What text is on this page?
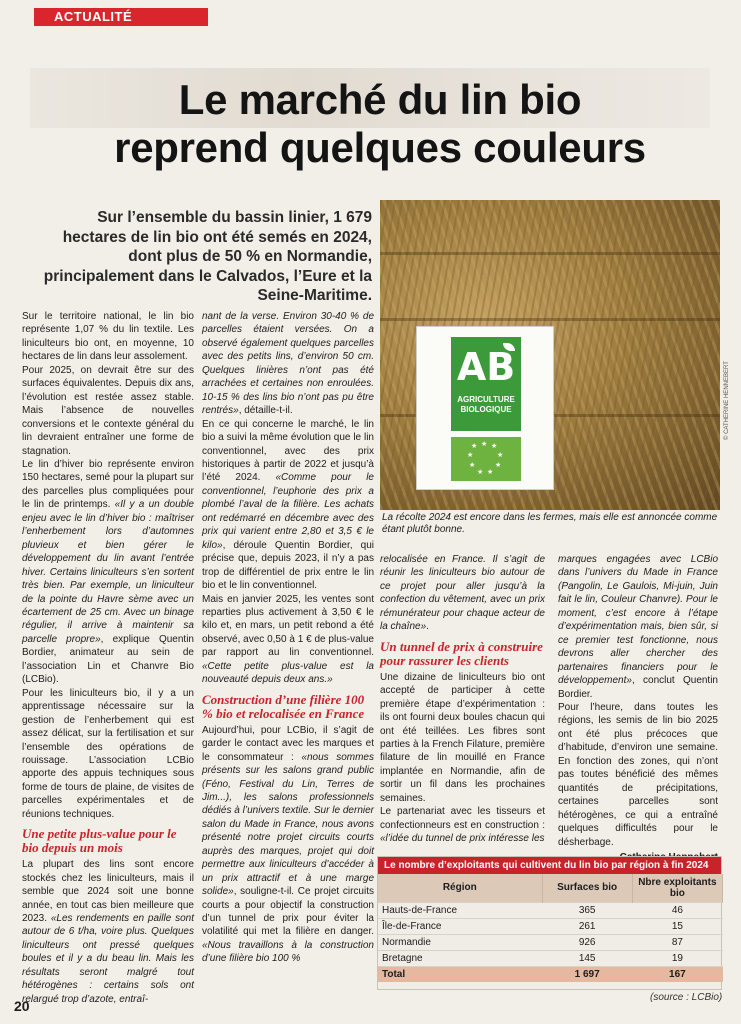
ACTUALITÉ
Le marché du lin bio
reprend quelques couleurs
Sur l’ensemble du bassin linier, 1 679 hectares de lin bio ont été semés en 2024, dont plus de 50 % en Normandie, principalement dans le Calvados, l’Eure et la Seine-Maritime.
AB
AGRICULTURE
BIOLOGIQUE
★ ★ ★
★	★
★	★
★ ★
© CATHERINE HENNEBERT
La récolte 2024 est encore dans les fermes, mais elle est annoncée comme étant plutôt bonne.

Sur le territoire national, le lin bio représente 1,07 % du lin textile. Les liniculteurs bio ont, en moyenne, 10 hectares de lin dans leur assolement.

Pour 2025, on devrait être sur des surfaces équivalentes. Depuis dix ans, l’évolution est restée assez stable. Mais l’absence de nouvelles conversions et le contexte général du lin devraient entraîner une forme de stagnation.

Le lin d’hiver bio représente environ 150 hectares, semé pour la plupart sur des parcelles plus compliquées pour le lin de printemps. «Il y a un double enjeu avec le lin d’hiver bio : maîtriser l’enherbement lors d’automnes pluvieux et bien gérer le développement du lin avant l’entrée hiver. Certains liniculteurs s’en sortent très bien. Par exemple, un liniculteur de la pointe du Havre sème avec un écartement de 25 cm. Avec un binage régulier, il arrive à maintenir sa parcelle propre», explique Quentin Bordier, animateur au sein de l’association Lin et Chanvre Bio (LCBio).

Pour les liniculteurs bio, il y a un apprentissage nécessaire sur la gestion de l’enherbement qui est assez délicat, sur la fertilisation et sur l’ensemble des opérations de rouissage. L’association LCBio apporte des appuis techniques sous forme de tours de plaine, de visites de parcelles expérimentales et de réunions techniques.

Une petite plus-value pour le bio depuis un mois

La plupart des lins sont encore stockés chez les liniculteurs, mais il semble que 2024 soit une bonne année, en tout cas bien meilleure que 2023. «Les rendements en paille sont autour de 6 t/ha, voire plus. Quelques liniculteurs ont pressé quelques boules et il y a du beau lin. Mais les résultats seront malgré tout hétérogènes : certains sols ont relargué trop d’azote, entraî-

nant de la verse. Environ 30-40 % de parcelles étaient versées. On a observé également quelques parcelles avec des petits lins, d’environ 50 cm. Quelques linières n’ont pas été arrachées et certaines non enroulées. 10-15 % des lins bio n’ont pas pu être rentrés», détaille-t-il.

En ce qui concerne le marché, le lin bio a suivi la même évolution que le lin conventionnel, avec des prix historiques à partir de 2022 et jusqu’à l’été 2024. «Comme pour le conventionnel, l’euphorie des prix a plombé l’aval de la filière. Les achats ont redémarré en décembre avec des prix qui varient entre 2,80 et 3,5 € le kilo», déroule Quentin Bordier, qui précise que, depuis 2023, il n’y a pas trop de différentiel de prix entre le lin bio et le lin conventionnel.

Mais en janvier 2025, les ventes sont reparties plus activement à 3,50 € le kilo et, en mars, un petit rebond a été observé, avec 0,50 à 1 € de plus-value par rapport au lin conventionnel. «Cette petite plus-value est la nouveauté depuis deux ans.»

Construction d’une filière 100 % bio et relocalisée en France

Aujourd’hui, pour LCBio, il s’agit de garder le contact avec les marques et le consommateur : «nous sommes présents sur les salons grand public (Féno, Festival du Lin, Terres de Jim...), les salons professionnels dédiés à l’univers textile. Sur le dernier salon du Made in France, nous avons présenté notre projet circuits courts auprès des marques, projet qui doit permettre aux liniculteurs d’accéder à un prix attractif et à une marge solide», souligne-t-il. Ce projet circuits courts a pour objectif la construction d’un tunnel de prix pour éviter la volatilité qui met la filière en danger. «Nous travaillons à la construction d’une filière bio 100 %

relocalisée en France. Il s’agit de réunir les liniculteurs bio autour de ce projet pour aller jusqu’à la confection du vêtement, avec un prix rémunérateur pour chaque acteur de la chaîne».

Un tunnel de prix à construire pour rassurer les clients

Une dizaine de liniculteurs bio ont accepté de participer à cette première étape d’expérimentation : ils ont fourni deux boules chacun qui ont été teillées. Les fibres sont parties à la French Filature, première filature de lin mouillé en France implantée en Normandie, afin de sortir un fil dans les prochaines semaines.

Le partenariat avec les tisseurs et confectionneurs est en construction : «l’idée du tunnel de prix intéresse les

marques engagées avec LCBio dans l’univers du Made in France (Pangolin, Le Gaulois, Mi-juin, Juin fait le lin, Couleur Chanvre). Pour le moment, c’est encore à l’étape d’expérimentation mais, bien sûr, si ce premier test fonctionne, nous devrons aller chercher des partenaires financiers pour le développement», conclut Quentin Bordier.

Pour l’heure, dans toutes les régions, les semis de lin bio 2025 ont été plus précoces que d’habitude, d’environ une semaine. En fonction des zones, qui n’ont pas toutes bénéficié des mêmes quantités de précipitations, certaines parcelles sont hétérogènes, ce qui a entraîné quelques difficultés pour le désherbage.

Le nombre d’exploitants qui cultivent du lin bio par région à fin 2024
Région	Surfaces bio	Nbre exploitants bio
Hauts-de-France	365	46
Île-de-France	261	15
Normandie	926	87
Bretagne	145	19
Total	1 697	167
(source : LCBio)
20
